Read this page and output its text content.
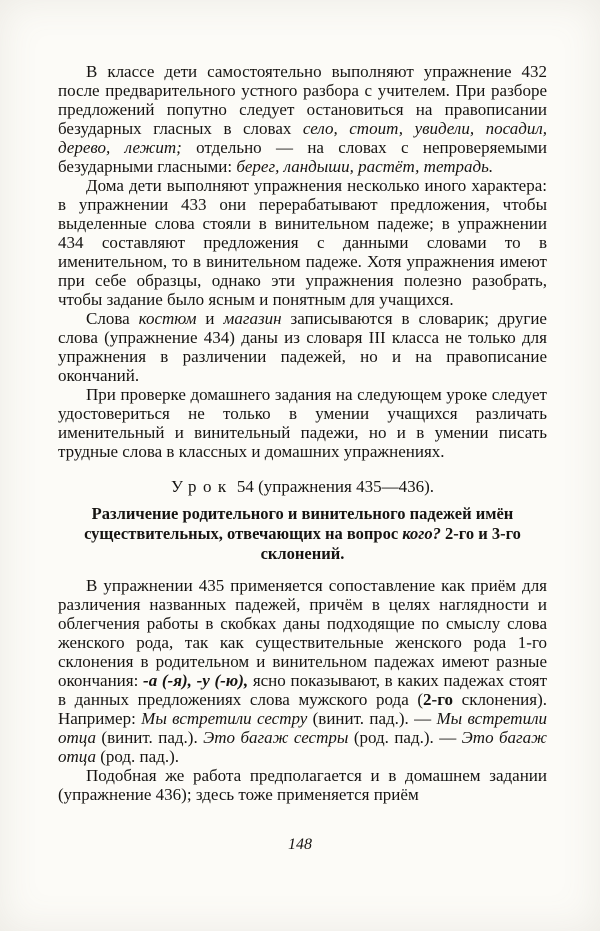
В классе дети самостоятельно выполняют упражнение 432 после предварительного устного разбора с учителем. При разборе предложений попутно следует остановиться на правописании безударных гласных в словах село, стоит, увидели, посадил, дерево, лежит; отдельно — на словах с непроверяемыми безударными гласными: берег, ландыши, растёт, тетрадь.

Дома дети выполняют упражнения несколько иного характера: в упражнении 433 они перерабатывают предложения, чтобы выделенные слова стояли в винительном падеже; в упражнении 434 составляют предложения с данными словами то в именительном, то в винительном падеже. Хотя упражнения имеют при себе образцы, однако эти упражнения полезно разобрать, чтобы задание было ясным и понятным для учащихся.

Слова костюм и магазин записываются в словарик; другие слова (упражнение 434) даны из словаря III класса не только для упражнения в различении падежей, но и на правописание окончаний.

При проверке домашнего задания на следующем уроке следует удостовериться не только в умении учащихся различать именительный и винительный падежи, но и в умении писать трудные слова в классных и домашних упражнениях.

Урок 54 (упражнения 435—436).

Различение родительного и винительного падежей имён существительных, отвечающих на вопрос кого? 2-го и 3-го склонений.

В упражнении 435 применяется сопоставление как приём для различения названных падежей, причём в целях наглядности и облегчения работы в скобках даны подходящие по смыслу слова женского рода, так как существительные женского рода 1-го склонения в родительном и винительном падежах имеют разные окончания: -а (-я), -у (-ю), ясно показывают, в каких падежах стоят в данных предложениях слова мужского рода (2-го склонения). Например: Мы встретили сестру (винит. пад.). — Мы встретили отца (винит. пад.). Это багаж сестры (род. пад.). — Это багаж отца (род. пад.).

Подобная же работа предполагается и в домашнем задании (упражнение 436); здесь тоже применяется приём

148
